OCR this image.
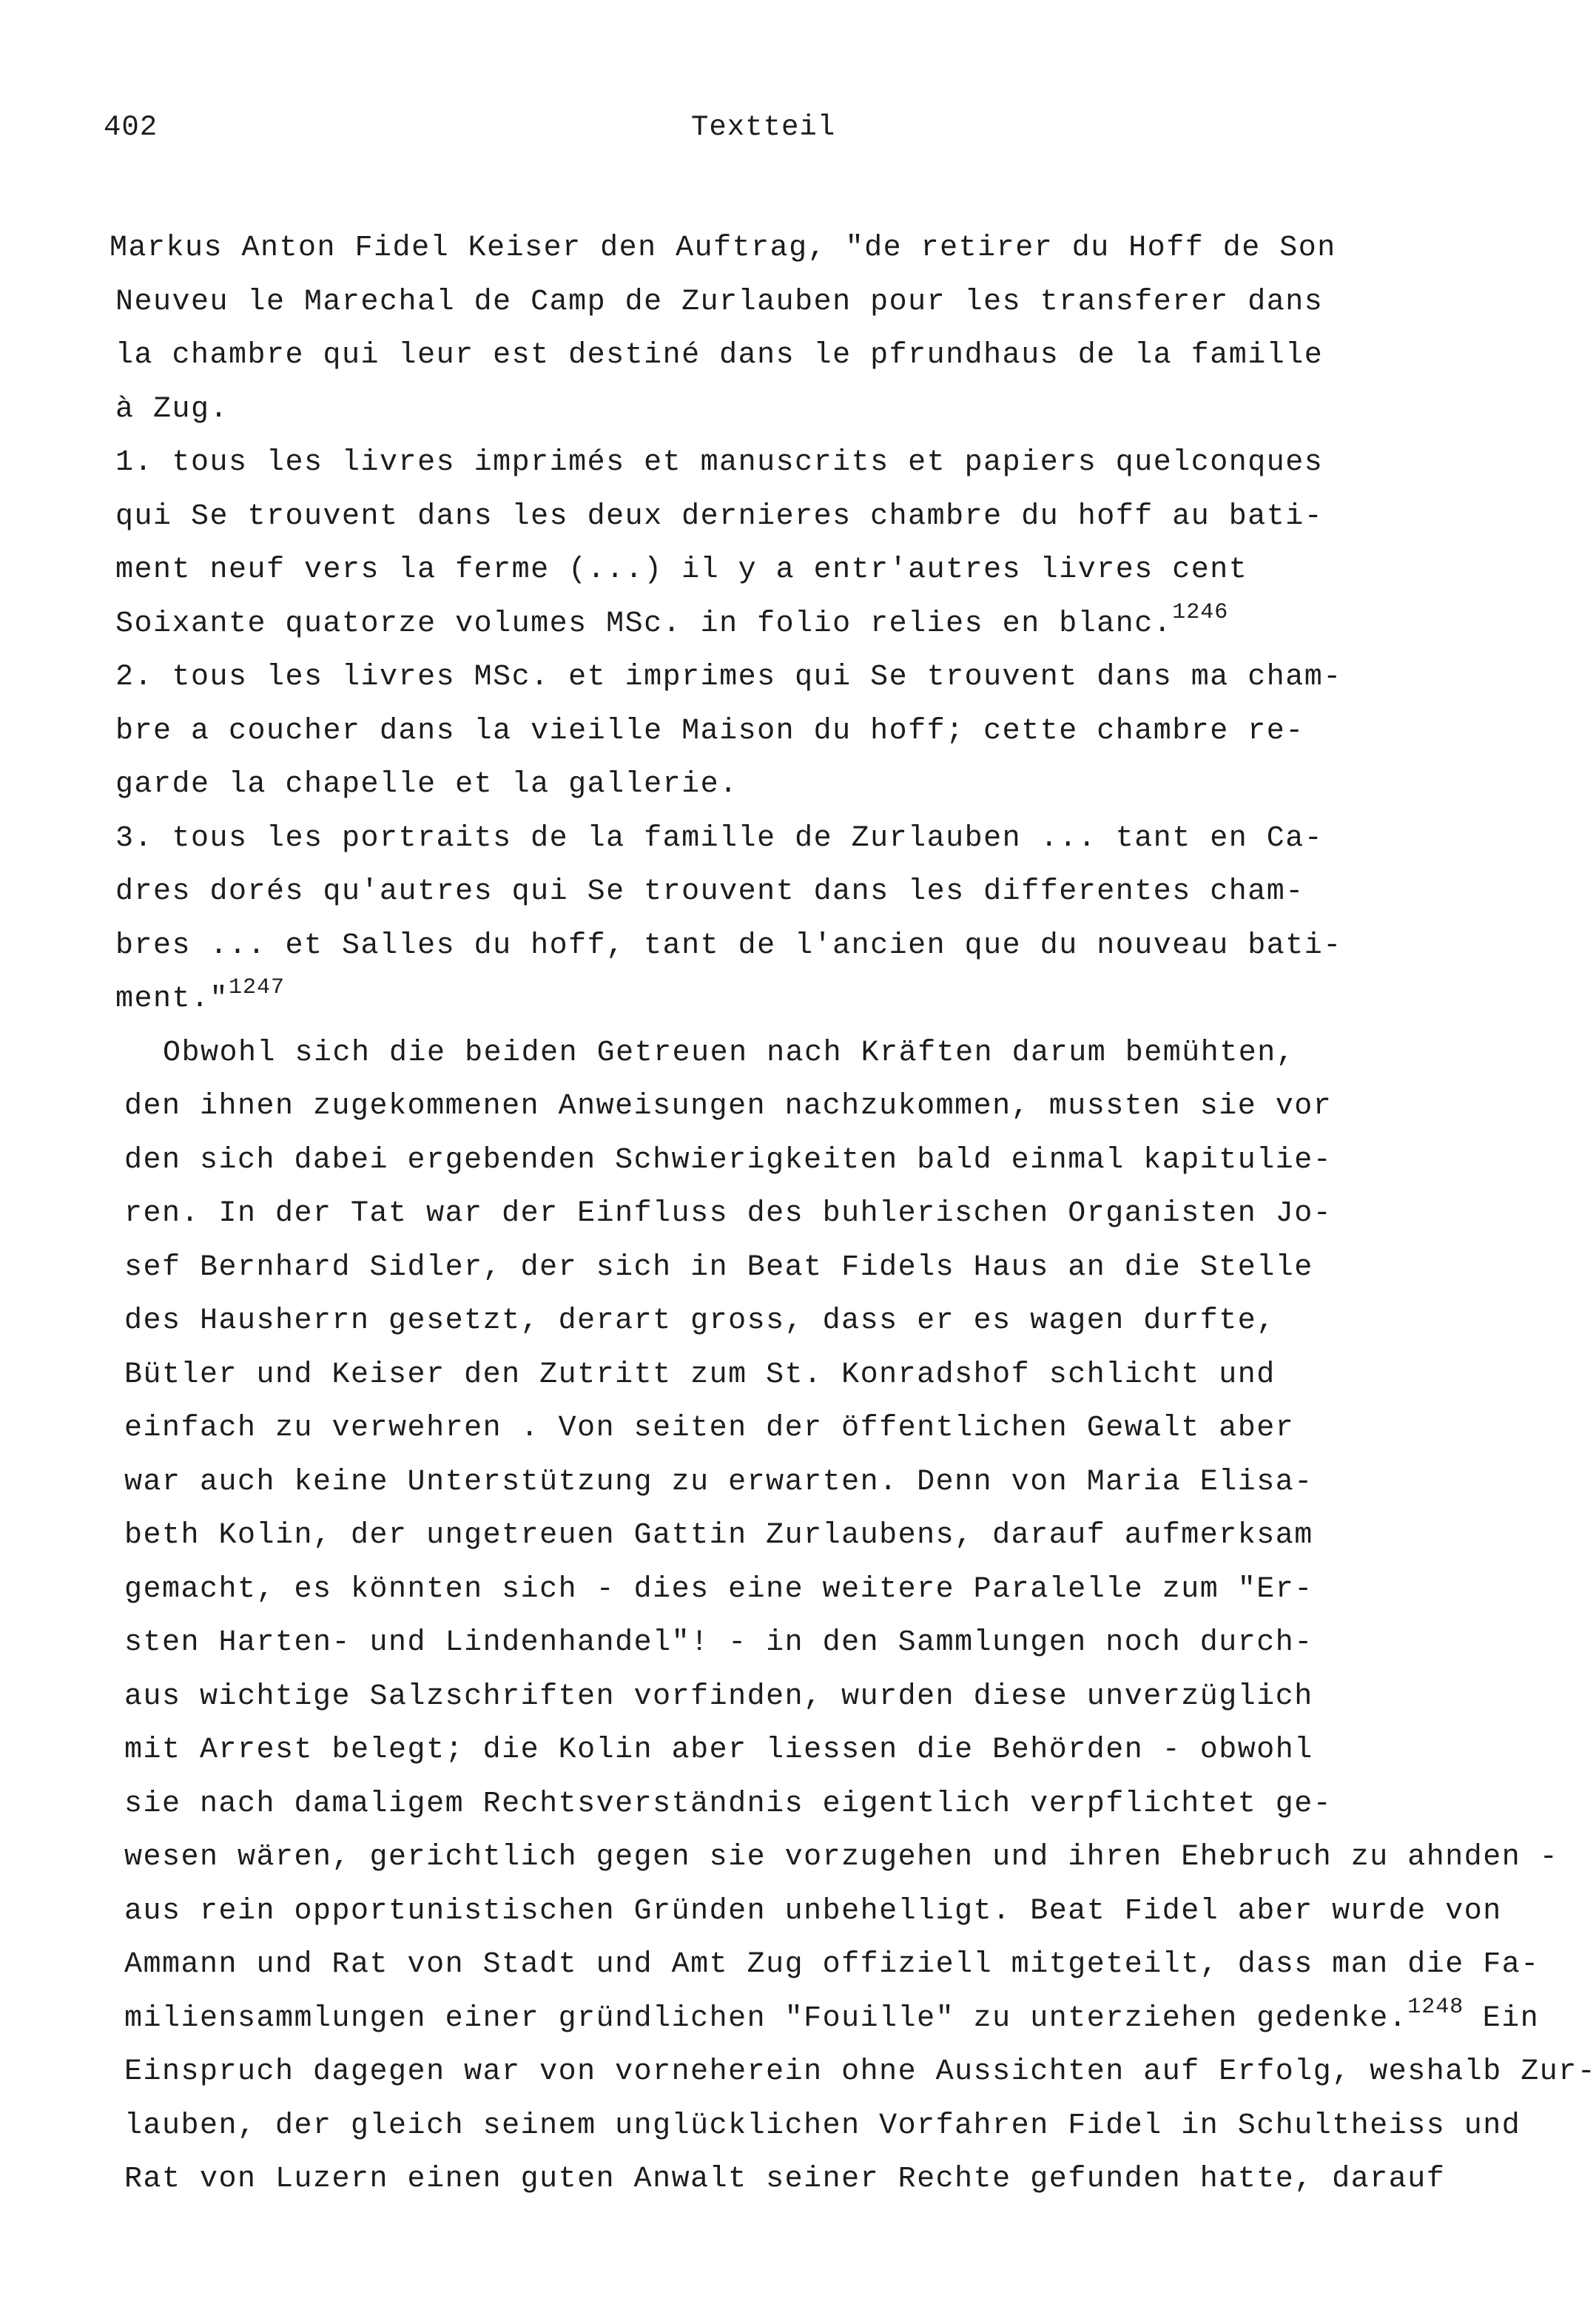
402	Textteil
Markus Anton Fidel Keiser den Auftrag, "de retirer du Hoff de Son
Neuveu le Marechal de Camp de Zurlauben pour les transferer dans
la chambre qui leur est destiné dans le pfrundhaus de la famille
à Zug.
1. tous les livres imprimés et manuscrits et papiers quelconques
qui Se trouvent dans les deux dernieres chambre du hoff au bati-
ment neuf vers la ferme (...) il y a entr'autres livres cent
Soixante quatorze volumes MSc. in folio relies en blanc.$^{1246}$
2. tous les livres MSc. et imprimes qui Se trouvent dans ma cham-
bre a coucher dans la vieille Maison du hoff; cette chambre re-
garde la chapelle et la gallerie.
3. tous les portraits de la famille de Zurlauben ... tant en Ca-
dres dorés qu'autres qui Se trouvent dans les differentes cham-
bres ... et Salles du hoff, tant de l'ancien que du nouveau bati-
ment."$^{1247}$
Obwohl sich die beiden Getreuen nach Kräften darum bemühten,
den ihnen zugekommenen Anweisungen nachzukommen, mussten sie vor
den sich dabei ergebenden Schwierigkeiten bald einmal kapitulie-
ren. In der Tat war der Einfluss des buhlerischen Organisten Jo-
sef Bernhard Sidler, der sich in Beat Fidels Haus an die Stelle
des Hausherrn gesetzt, derart gross, dass er es wagen durfte,
Bütler und Keiser den Zutritt zum St. Konradshof schlicht und
einfach zu verwehren . Von seiten der öffentlichen Gewalt aber
war auch keine Unterstützung zu erwarten. Denn von Maria Elisa-
beth Kolin, der ungetreuen Gattin Zurlaubens, darauf aufmerksam
gemacht, es könnten sich - dies eine weitere Paralelle zum "Er-
sten Harten- und Lindenhandel"! - in den Sammlungen noch durch-
aus wichtige Salzschriften vorfinden, wurden diese unverzüglich
mit Arrest belegt; die Kolin aber liessen die Behörden - obwohl
sie nach damaligem Rechtsverständnis eigentlich verpflichtet ge-
wesen wären, gerichtlich gegen sie vorzugehen und ihren Ehebruch zu ahnden -
aus rein opportunistischen Gründen unbehelligt. Beat Fidel aber wurde von
Ammann und Rat von Stadt und Amt Zug offiziell mitgeteilt, dass man die Fa-
miliensammlungen einer gründlichen "Fouille" zu unterziehen gedenke.$^{1248}$ Ein
Einspruch dagegen war von vorneherein ohne Aussichten auf Erfolg, weshalb Zur-
lauben, der gleich seinem unglücklichen Vorfahren Fidel in Schultheiss und
Rat von Luzern einen guten Anwalt seiner Rechte gefunden hatte, darauf
